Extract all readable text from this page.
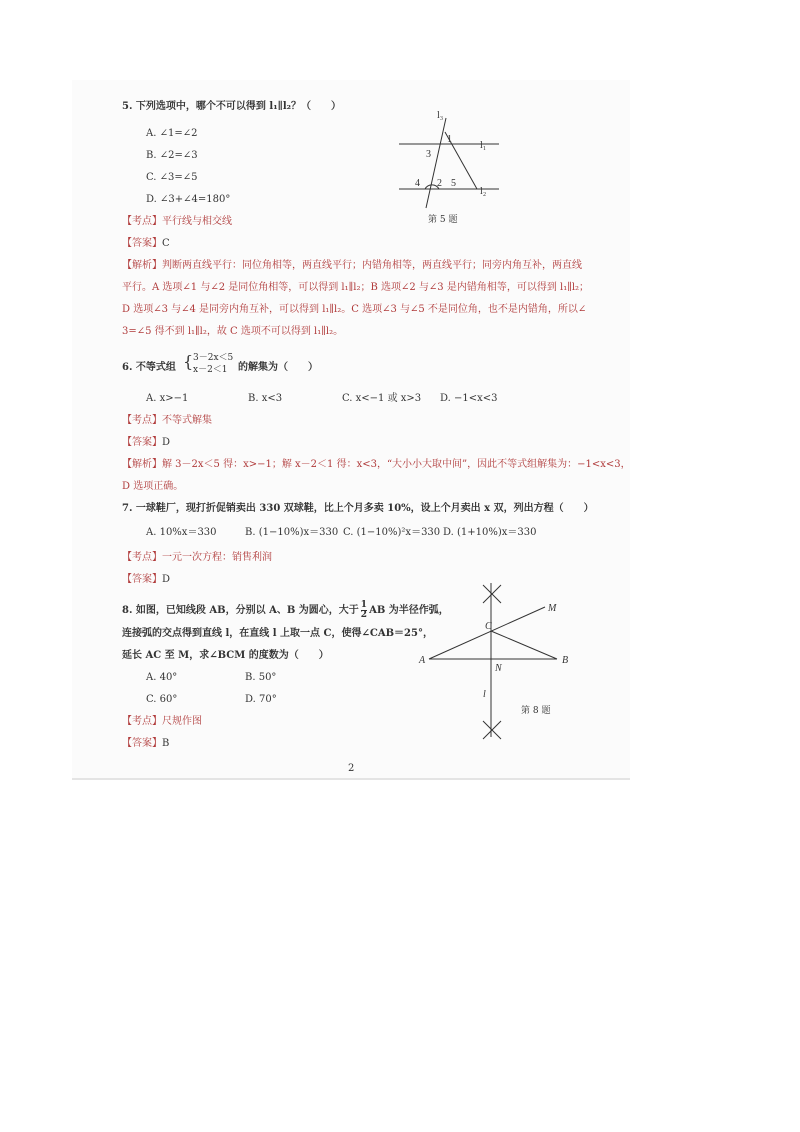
5. 下列选项中，哪个不可以得到 l₁∥l₂？（　　）
A. ∠1=∠2
B. ∠2=∠3
C. ∠3=∠5
D. ∠3+∠4=180°
l₃
l₁
l₂
1
2
3
4	5
第 5 题
【考点】平行线与相交线
【答案】C
【解析】判断两直线平行：同位角相等，两直线平行；内错角相等，两直线平行；同旁内角互补，两直线
平行。A 选项∠1 与∠2 是同位角相等，可以得到 l₁∥l₂；B 选项∠2 与∠3 是内错角相等，可以得到 l₁∥l₂；
D 选项∠3 与∠4 是同旁内角互补，可以得到 l₁∥l₂。C 选项∠3 与∠5 不是同位角，也不是内错角，所以∠
3=∠5 得不到 l₁∥l₂，故 C 选项不可以得到 l₁∥l₂。
6. 不等式组 { 3－2x＜5
x－2＜1 的解集为（　　）
A. x>−1	B. x<3	C. x<−1 或 x>3 D. −1<x<3
【考点】不等式解集
【答案】D
【解析】解 3－2x＜5 得：x>−1；解 x－2＜1 得：x<3，“大小小大取中间”，因此不等式组解集为：−1<x<3，
D 选项正确。
7. 一球鞋厂，现打折促销卖出 330 双球鞋，比上个月多卖 10%，设上个月卖出 x 双，列出方程（　　）
A. 10%x＝330	B. (1−10%)x＝330 C. (1−10%)²x＝330 D. (1+10%)x＝330
【考点】一元一次方程：销售利润
【答案】D
8. 如图，已知线段 AB，分别以 A、B 为圆心，大于 $\frac{1}{2}$ AB 为半径作弧，
连接弧的交点得到直线 l，在直线 l 上取一点 C，使得∠CAB＝25°，
延长 AC 至 M，求∠BCM 的度数为（　　）
A. 40°	B. 50°
C. 60°	D. 70°
【考点】尺规作图
【答案】B
A	B
C
M
N
l
第 8 题
2
